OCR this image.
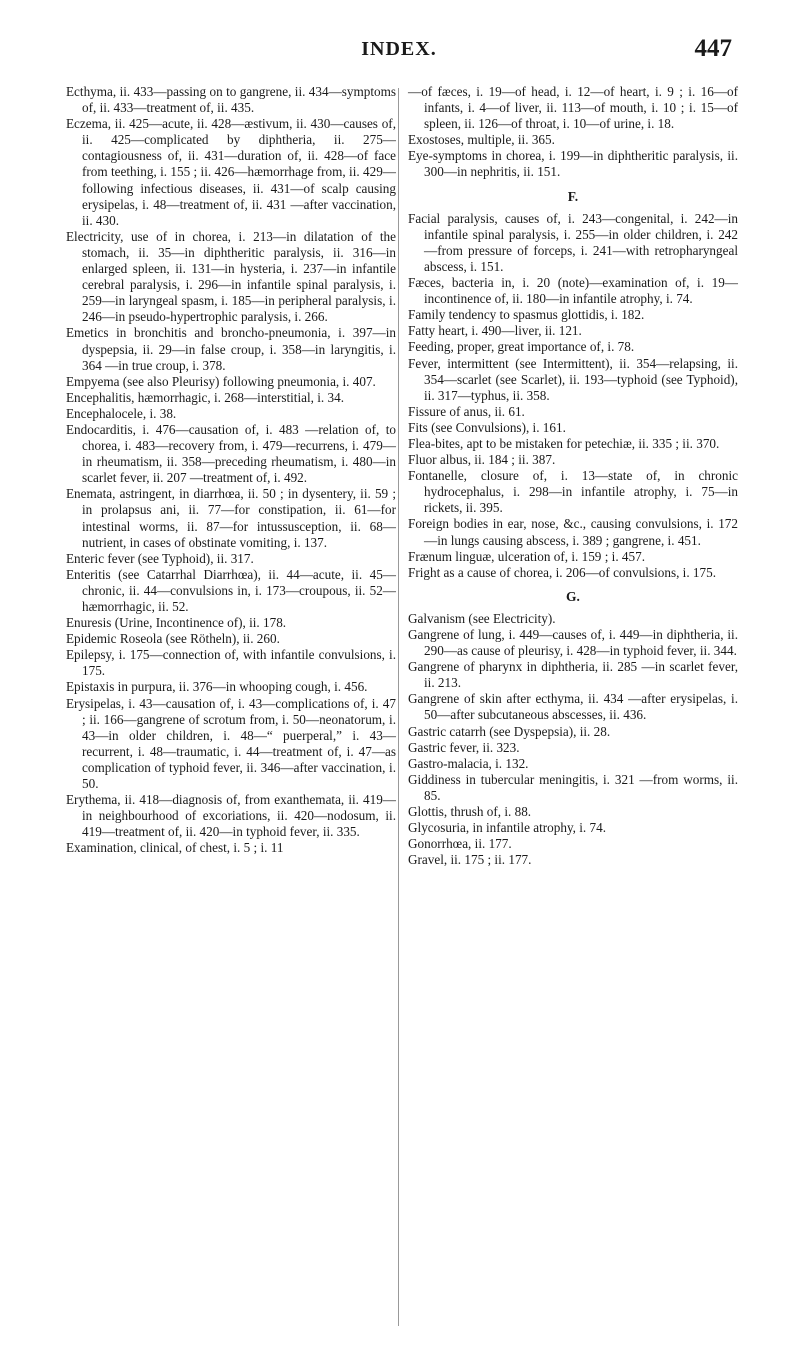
INDEX.	447

Ecthyma, ii. 433—passing on to gangrene, ii. 434—symptoms of, ii. 433—treatment of, ii. 435.

Eczema, ii. 425—acute, ii. 428—æstivum, ii. 430—causes of, ii. 425—complicated by diphtheria, ii. 275—contagiousness of, ii. 431—duration of, ii. 428—of face from teething, i. 155 ; ii. 426—hæmorrhage from, ii. 429—following infectious diseases, ii. 431—of scalp causing erysipelas, i. 48—treatment of, ii. 431 —after vaccination, ii. 430.

Electricity, use of in chorea, i. 213—in dilatation of the stomach, ii. 35—in diphtheritic paralysis, ii. 316—in enlarged spleen, ii. 131—in hysteria, i. 237—in infantile cerebral paralysis, i. 296—in infantile spinal paralysis, i. 259—in laryngeal spasm, i. 185—in peripheral paralysis, i. 246—in pseudo-hypertrophic paralysis, i. 266.

Emetics in bronchitis and broncho-pneumonia, i. 397—in dyspepsia, ii. 29—in false croup, i. 358—in laryngitis, i. 364 —in true croup, i. 378.

Empyema (see also Pleurisy) following pneumonia, i. 407.

Encephalitis, hæmorrhagic, i. 268—interstitial, i. 34.

Encephalocele, i. 38.

Endocarditis, i. 476—causation of, i. 483 —relation of, to chorea, i. 483—recovery from, i. 479—recurrens, i. 479—in rheumatism, ii. 358—preceding rheumatism, i. 480—in scarlet fever, ii. 207 —treatment of, i. 492.

Enemata, astringent, in diarrhœa, ii. 50 ; in dysentery, ii. 59 ; in prolapsus ani, ii. 77—for constipation, ii. 61—for intestinal worms, ii. 87—for intussusception, ii. 68—nutrient, in cases of obstinate vomiting, i. 137.

Enteric fever (see Typhoid), ii. 317.

Enteritis (see Catarrhal Diarrhœa), ii. 44—acute, ii. 45—chronic, ii. 44—convulsions in, i. 173—croupous, ii. 52—hæmorrhagic, ii. 52.

Enuresis (Urine, Incontinence of), ii. 178.

Epidemic Roseola (see Rötheln), ii. 260.

Epilepsy, i. 175—connection of, with infantile convulsions, i. 175.

Epistaxis in purpura, ii. 376—in whooping cough, i. 456.

Erysipelas, i. 43—causation of, i. 43—complications of, i. 47 ; ii. 166—gangrene of scrotum from, i. 50—neonatorum, i. 43—in older children, i. 48—“ puerperal,” i. 43—recurrent, i. 48—traumatic, i. 44—treatment of, i. 47—as complication of typhoid fever, ii. 346—after vaccination, i. 50.

Erythema, ii. 418—diagnosis of, from exanthemata, ii. 419—in neighbourhood of excoriations, ii. 420—nodosum, ii. 419—treatment of, ii. 420—in typhoid fever, ii. 335.

Examination, clinical, of chest, i. 5 ; i. 11

—of fæces, i. 19—of head, i. 12—of heart, i. 9 ; i. 16—of infants, i. 4—of liver, ii. 113—of mouth, i. 10 ; i. 15—of spleen, ii. 126—of throat, i. 10—of urine, i. 18.

Exostoses, multiple, ii. 365.

Eye-symptoms in chorea, i. 199—in diphtheritic paralysis, ii. 300—in nephritis, ii. 151.

F.

Facial paralysis, causes of, i. 243—congenital, i. 242—in infantile spinal paralysis, i. 255—in older children, i. 242—from pressure of forceps, i. 241—with retropharyngeal abscess, i. 151.

Fæces, bacteria in, i. 20 (note)—examination of, i. 19—incontinence of, ii. 180—in infantile atrophy, i. 74.

Family tendency to spasmus glottidis, i. 182.

Fatty heart, i. 490—liver, ii. 121.

Feeding, proper, great importance of, i. 78.

Fever, intermittent (see Intermittent), ii. 354—relapsing, ii. 354—scarlet (see Scarlet), ii. 193—typhoid (see Typhoid), ii. 317—typhus, ii. 358.

Fissure of anus, ii. 61.

Fits (see Convulsions), i. 161.

Flea-bites, apt to be mistaken for petechiæ, ii. 335 ; ii. 370.

Fluor albus, ii. 184 ; ii. 387.

Fontanelle, closure of, i. 13—state of, in chronic hydrocephalus, i. 298—in infantile atrophy, i. 75—in rickets, ii. 395.

Foreign bodies in ear, nose, &c., causing convulsions, i. 172—in lungs causing abscess, i. 389 ; gangrene, i. 451.

Frænum linguæ, ulceration of, i. 159 ; i. 457.

Fright as a cause of chorea, i. 206—of convulsions, i. 175.

G.

Galvanism (see Electricity).

Gangrene of lung, i. 449—causes of, i. 449—in diphtheria, ii. 290—as cause of pleurisy, i. 428—in typhoid fever, ii. 344.

Gangrene of pharynx in diphtheria, ii. 285 —in scarlet fever, ii. 213.

Gangrene of skin after ecthyma, ii. 434 —after erysipelas, i. 50—after subcutaneous abscesses, ii. 436.

Gastric catarrh (see Dyspepsia), ii. 28.

Gastric fever, ii. 323.

Gastro-malacia, i. 132.

Giddiness in tubercular meningitis, i. 321 —from worms, ii. 85.

Glottis, thrush of, i. 88.

Glycosuria, in infantile atrophy, i. 74.

Gonorrhœa, ii. 177.

Gravel, ii. 175 ; ii. 177.
